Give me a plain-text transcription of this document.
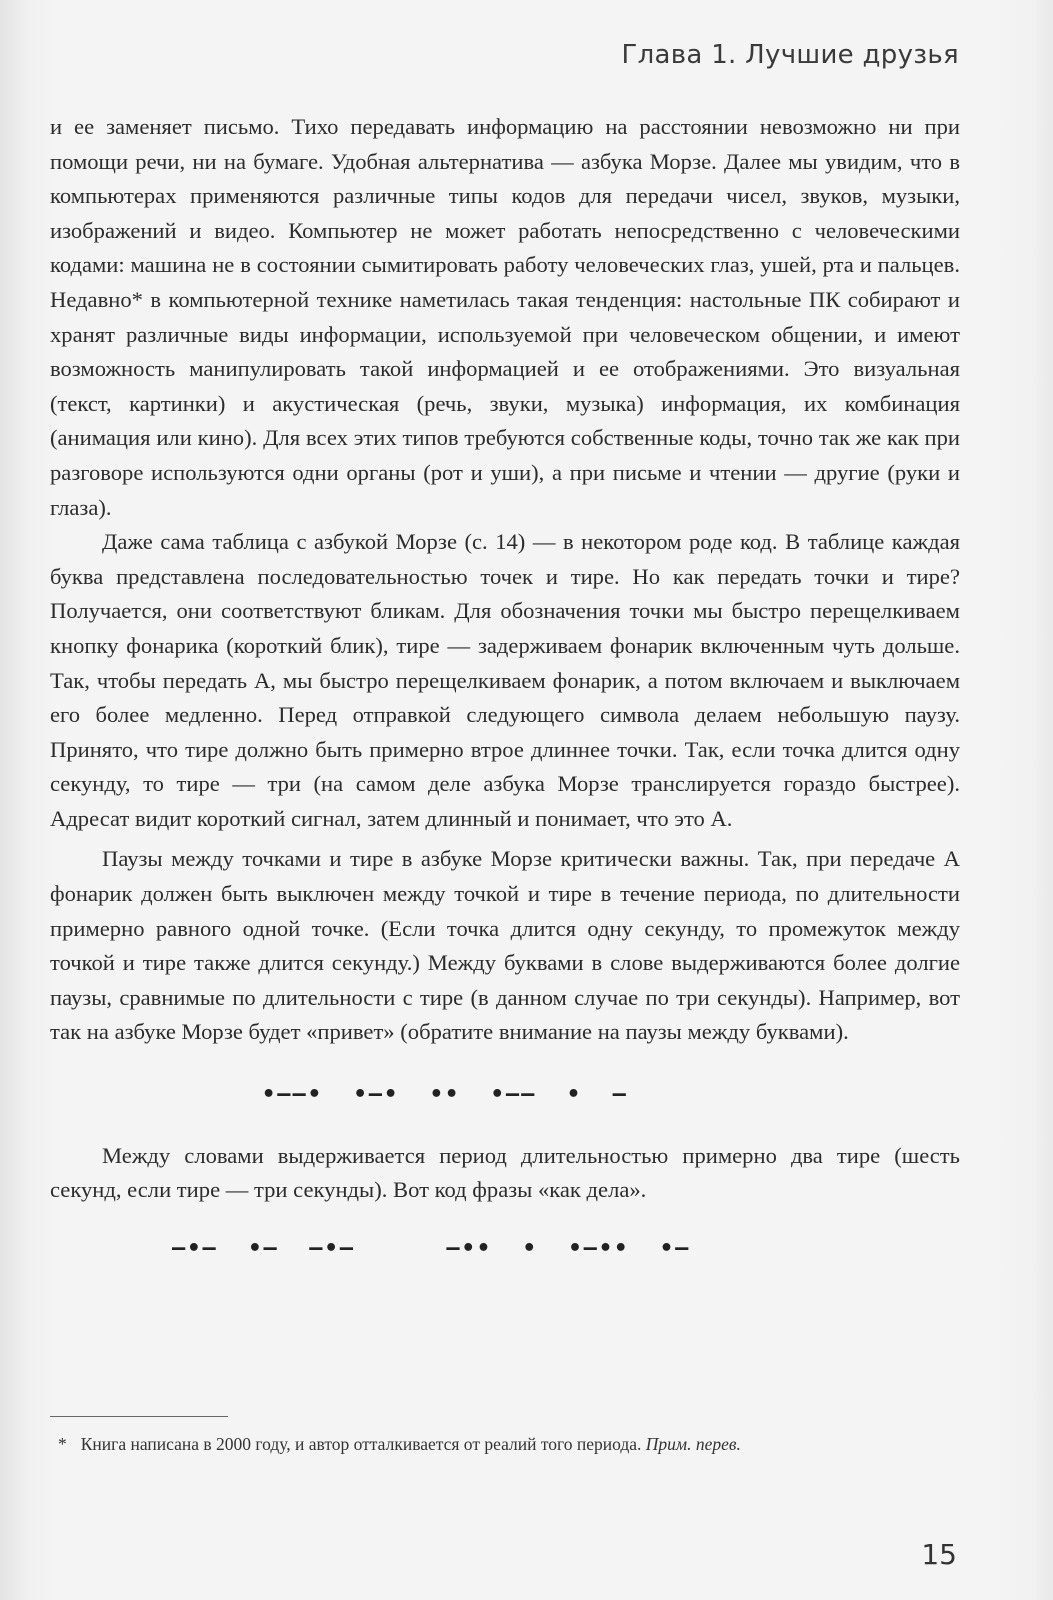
Глава 1. Лучшие друзья

и ее заменяет письмо. Тихо передавать информацию на расстоянии невозможно ни при помощи речи, ни на бумаге. Удобная альтернатива — азбука Морзе. Далее мы увидим, что в компьютерах применяются различные типы кодов для передачи чисел, звуков, музыки, изображений и видео. Компьютер не может работать непосредственно с человеческими кодами: машина не в состоянии сымитировать работу человеческих глаз, ушей, рта и пальцев. Недавно* в компьютерной технике наметилась такая тенденция: настольные ПК собирают и хранят различные виды информации, используемой при человеческом общении, и имеют возможность манипулировать такой информацией и ее отображениями. Это визуальная (текст, картинки) и акустическая (речь, звуки, музыка) информация, их комбинация (анимация или кино). Для всех этих типов требуются собственные коды, точно так же как при разговоре используются одни органы (рот и уши), а при письме и чтении — другие (руки и глаза).

Даже сама таблица с азбукой Морзе (с. 14) — в некотором роде код. В таблице каждая буква представлена последовательностью точек и тире. Но как передать точки и тире? Получается, они соответствуют бликам. Для обозначения точки мы быстро перещелкиваем кнопку фонарика (короткий блик), тире — задерживаем фонарик включенным чуть дольше. Так, чтобы передать А, мы быстро перещелкиваем фонарик, а потом включаем и выключаем его более медленно. Перед отправкой следующего символа делаем небольшую паузу. Принято, что тире должно быть примерно втрое длиннее точки. Так, если точка длится одну секунду, то тире — три (на самом деле азбука Морзе транслируется гораздо быстрее). Адресат видит короткий сигнал, затем длинный и понимает, что это А.

Паузы между точками и тире в азбуке Морзе критически важны. Так, при передаче А фонарик должен быть выключен между точкой и тире в течение периода, по длительности примерно равного одной точке. (Если точка длится одну секунду, то промежуток между точкой и тире также длится секунду.) Между буквами в слове выдерживаются более долгие паузы, сравнимые по длительности с тире (в данном случае по три секунды). Например, вот так на азбуке Морзе будет «привет» (обратите внимание на паузы между буквами).

•——•  •—•  ••  •——  •  —

Между словами выдерживается период длительностью примерно два тире (шесть секунд, если тире — три секунды). Вот код фразы «как дела».

—•—  •—  —•—      —••  •  •—••  •—
* Книга написана в 2000 году, и автор отталкивается от реалий того периода. Прим. перев.
15
